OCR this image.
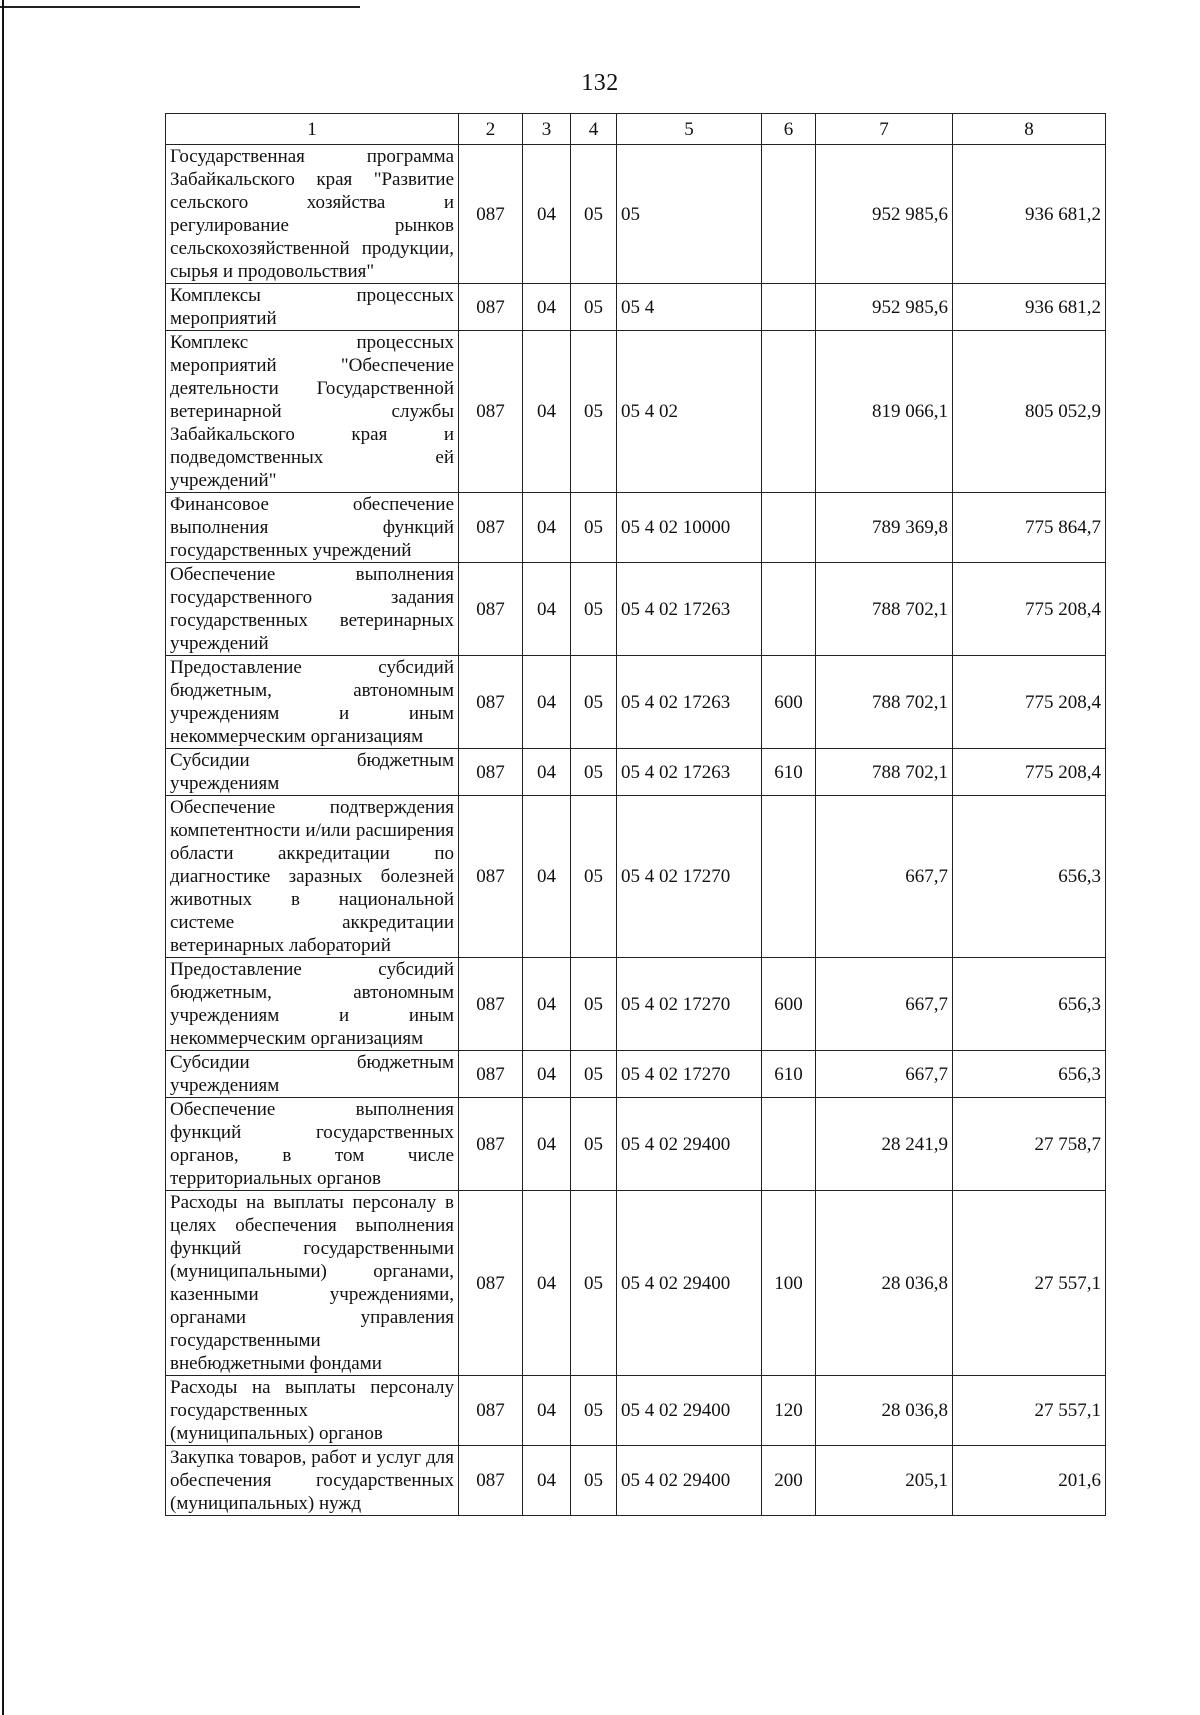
132
1	2	3	4	5	6	7	8
Государственная программа Забайкальского края "Развитие сельского хозяйства и регулирование рынков сельскохозяйственной продукции, сырья и продовольствия"	087	04	05	05		952 985,6	936 681,2
Комплексы процессных мероприятий	087	04	05	05 4		952 985,6	936 681,2
Комплекс процессных мероприятий "Обеспечение деятельности Государственной ветеринарной службы Забайкальского края и подведомственных ей учреждений"	087	04	05	05 4 02		819 066,1	805 052,9
Финансовое обеспечение выполнения функций государственных учреждений	087	04	05	05 4 02 10000		789 369,8	775 864,7
Обеспечение выполнения государственного задания государственных ветеринарных учреждений	087	04	05	05 4 02 17263		788 702,1	775 208,4
Предоставление субсидий бюджетным, автономным учреждениям и иным некоммерческим организациям	087	04	05	05 4 02 17263	600	788 702,1	775 208,4
Субсидии бюджетным учреждениям	087	04	05	05 4 02 17263	610	788 702,1	775 208,4
Обеспечение подтверждения компетентности и/или расширения области аккредитации по диагностике заразных болезней животных в национальной системе аккредитации ветеринарных лабораторий	087	04	05	05 4 02 17270		667,7	656,3
Предоставление субсидий бюджетным, автономным учреждениям и иным некоммерческим организациям	087	04	05	05 4 02 17270	600	667,7	656,3
Субсидии бюджетным учреждениям	087	04	05	05 4 02 17270	610	667,7	656,3
Обеспечение выполнения функций государственных органов, в том числе территориальных органов	087	04	05	05 4 02 29400		28 241,9	27 758,7
Расходы на выплаты персоналу в целях обеспечения выполнения функций государственными (муниципальными) органами, казенными учреждениями, органами управления государственными внебюджетными фондами	087	04	05	05 4 02 29400	100	28 036,8	27 557,1
Расходы на выплаты персоналу государственных (муниципальных) органов	087	04	05	05 4 02 29400	120	28 036,8	27 557,1
Закупка товаров, работ и услуг для обеспечения государственных (муниципальных) нужд	087	04	05	05 4 02 29400	200	205,1	201,6
